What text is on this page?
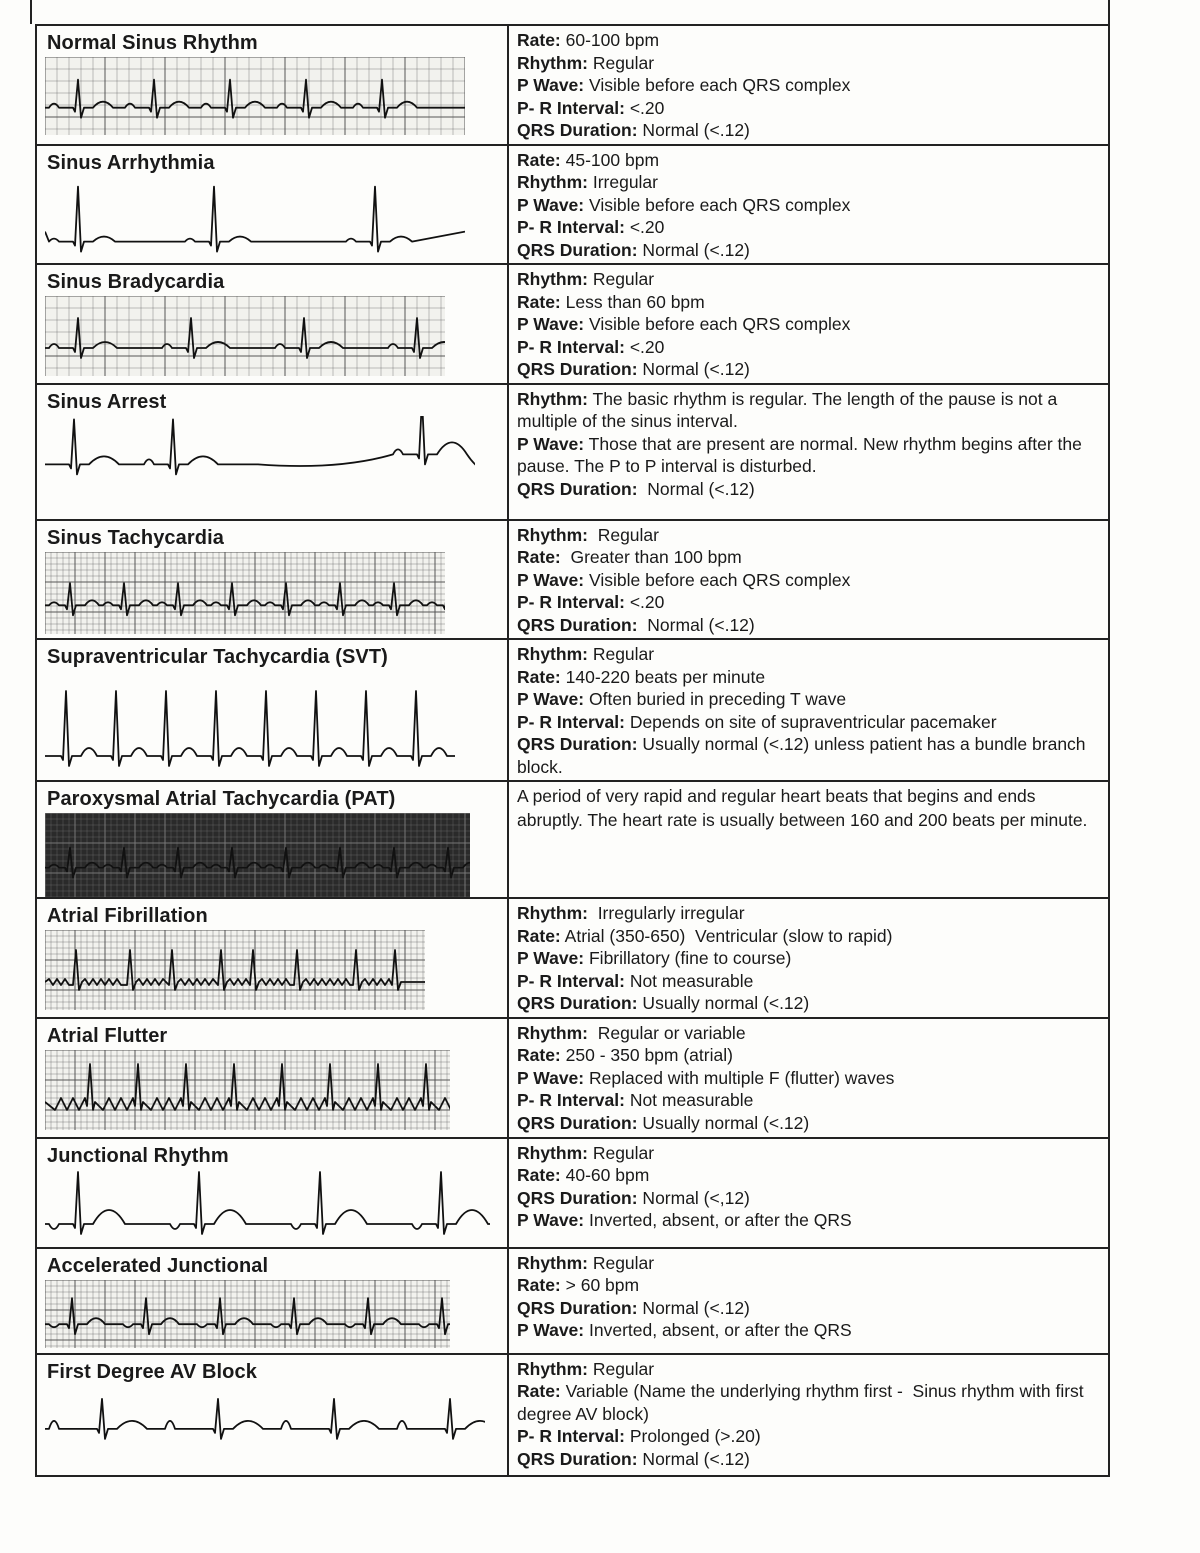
Normal Sinus Rhythm	Rate: 60-100 bpm
Rhythm: Regular
P Wave: Visible before each QRS complex
P- R Interval: <.20
QRS Duration: Normal (<.12)

Sinus Arrhythmia	Rate: 45-100 bpm
Rhythm: Irregular
P Wave: Visible before each QRS complex
P- R Interval: <.20
QRS Duration: Normal (<.12)

Sinus Bradycardia	Rhythm: Regular
Rate: Less than 60 bpm
P Wave: Visible before each QRS complex
P- R Interval: <.20
QRS Duration: Normal (<.12)

Sinus Arrest	Rhythm: The basic rhythm is regular. The length of the pause is not a multiple of the sinus interval.
P Wave: Those that are present are normal. New rhythm begins after the pause. The P to P interval is disturbed.
QRS Duration:  Normal (<.12)

Sinus Tachycardia	Rhythm:  Regular
Rate:  Greater than 100 bpm
P Wave: Visible before each QRS complex
P- R Interval: <.20
QRS Duration:  Normal (<.12)

Supraventricular Tachycardia (SVT)	Rhythm: Regular
Rate: 140-220 beats per minute
P Wave: Often buried in preceding T wave
P- R Interval: Depends on site of supraventricular pacemaker
QRS Duration: Usually normal (<.12) unless patient has a bundle branch block.

Paroxysmal Atrial Tachycardia (PAT)	A period of very rapid and regular heart beats that begins and ends abruptly. The heart rate is usually between 160 and 200 beats per minute.

Atrial Fibrillation	Rhythm:  Irregularly irregular
Rate: Atrial (350-650)  Ventricular (slow to rapid)
P Wave: Fibrillatory (fine to course)
P- R Interval: Not measurable
QRS Duration: Usually normal (<.12)

Atrial Flutter	Rhythm:  Regular or variable
Rate: 250 - 350 bpm (atrial)
P Wave: Replaced with multiple F (flutter) waves
P- R Interval: Not measurable
QRS Duration: Usually normal (<.12)

Junctional Rhythm	Rhythm: Regular
Rate: 40-60 bpm
QRS Duration: Normal (<,12)
P Wave: Inverted, absent, or after the QRS

Accelerated Junctional	Rhythm: Regular
Rate: > 60 bpm
QRS Duration: Normal (<.12)
P Wave: Inverted, absent, or after the QRS

First Degree AV Block	Rhythm: Regular
Rate: Variable (Name the underlying rhythm first -  Sinus rhythm with first degree AV block)
P- R Interval: Prolonged (>.20)
QRS Duration: Normal (<.12)
